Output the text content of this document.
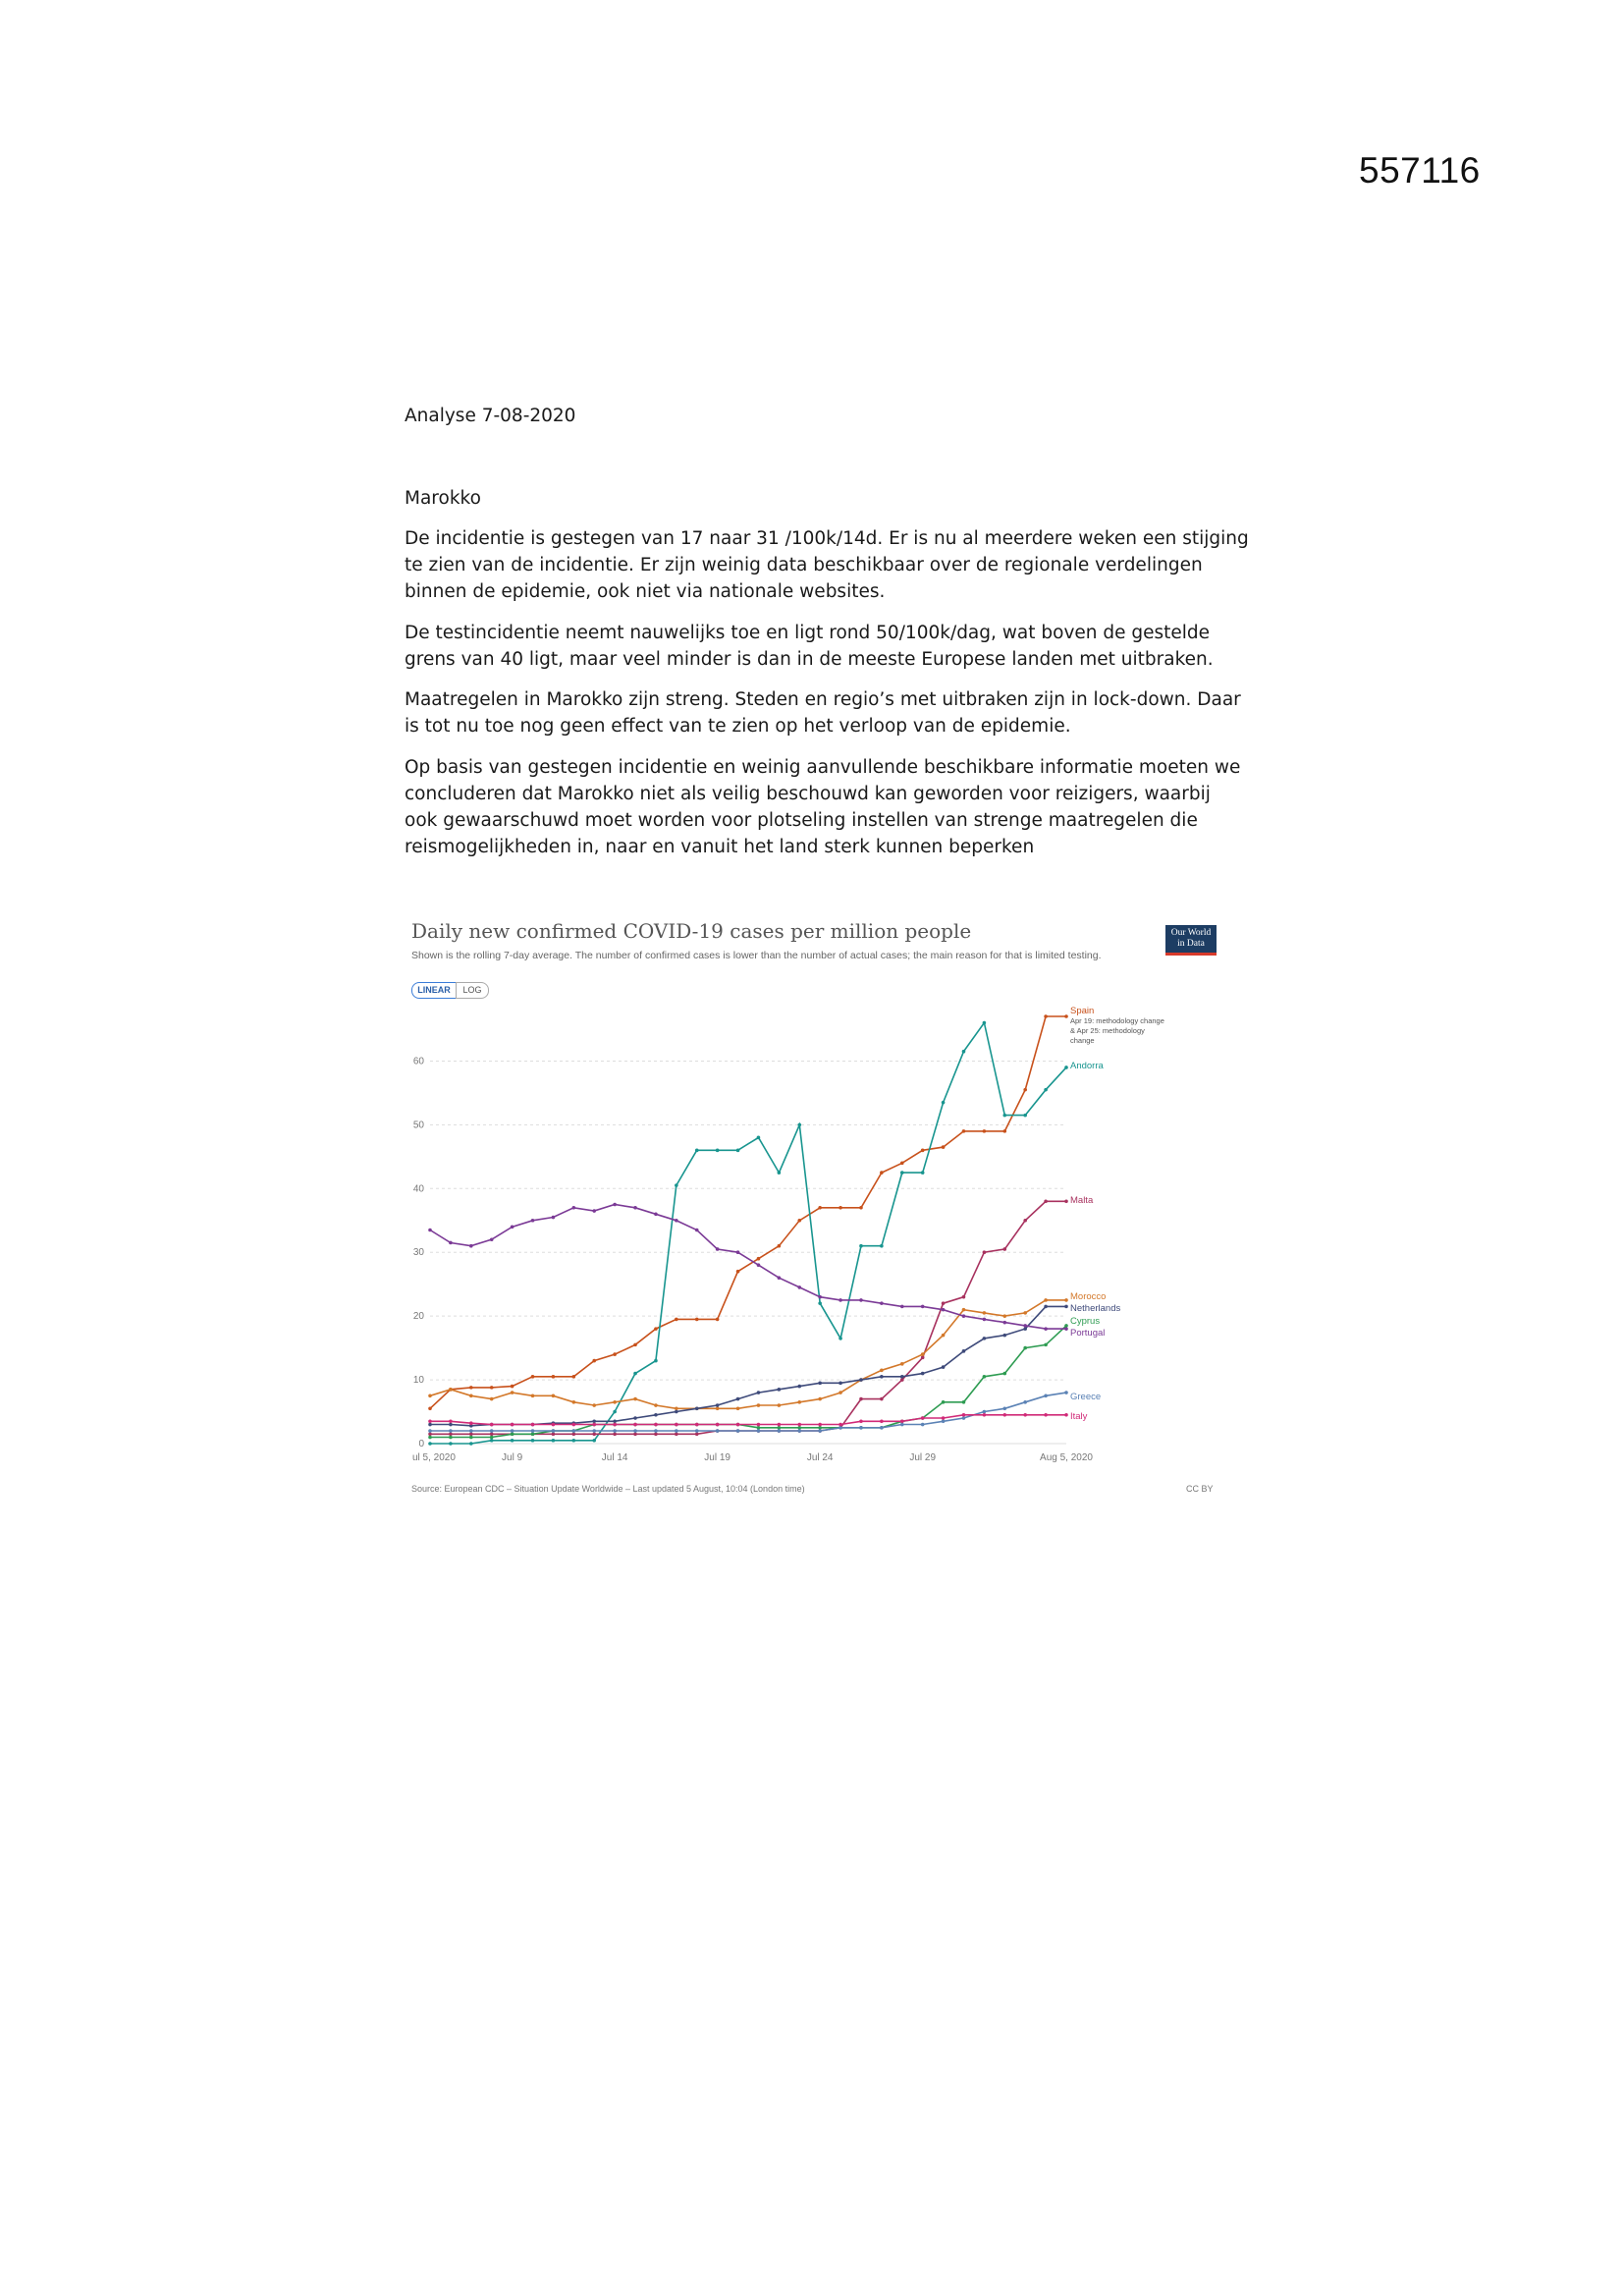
557116
Analyse 7-08-2020
Marokko

De incidentie is gestegen van 17 naar 31 /100k/14d. Er is nu al meerdere weken een stijging te zien van de incidentie. Er zijn weinig data beschikbaar over de regionale verdelingen binnen de epidemie, ook niet via nationale websites.

De testincidentie neemt nauwelijks toe en ligt rond 50/100k/dag, wat boven de gestelde grens van 40 ligt, maar veel minder is dan in de meeste Europese landen met uitbraken.

Maatregelen in Marokko zijn streng. Steden en regio’s met uitbraken zijn in lock-down. Daar is tot nu toe nog geen effect van te zien op het verloop van de epidemie.

Op basis van gestegen incidentie en weinig aanvullende beschikbare informatie moeten we concluderen dat Marokko niet als veilig beschouwd kan geworden voor reizigers, waarbij ook gewaarschuwd moet worden voor plotseling instellen van strenge maatregelen die reismogelijkheden in, naar en vanuit het land sterk kunnen beperken

Daily new confirmed COVID-19 cases per million people
Shown is the rolling 7-day average. The number of confirmed cases is lower than the number of actual cases; the main reason for that is limited testing.
LINEAR	LOG
Our World
in Data
0
10
20
30
40
50
60
ul 5, 2020	Jul 9	Jul 14	Jul 19	Jul 24	Jul 29	Aug 5, 2020
Spain
Andorra
Malta
Morocco
Netherlands
Cyprus
Portugal
Greece
Italy
Apr 19: methodology change
& Apr 25: methodology
change
Source: European CDC – Situation Update Worldwide – Last updated 5 August, 10:04 (London time)	CC BY
